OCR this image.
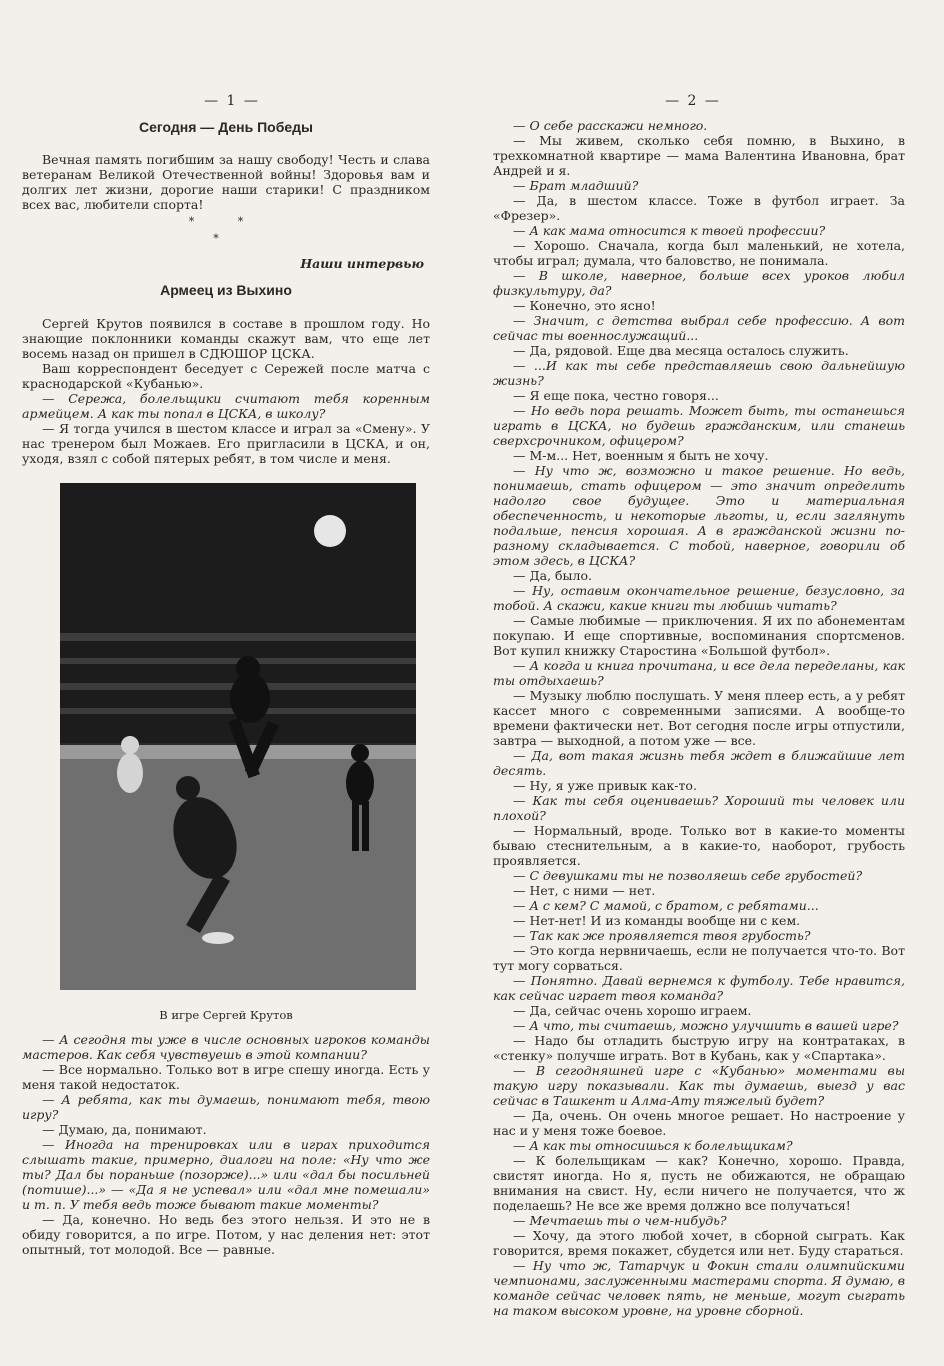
— 1 —
Сегодня — День Победы

Вечная память погибшим за нашу свободу! Честь и слава ветеранам Великой Отечественной войны! Здоровья вам и долгих лет жизни, дорогие наши старики! С праздником всех вас, любители спорта!

* *
*
Наши интервью
Армеец из Выхино

Сергей Крутов появился в составе в прошлом году. Но знающие поклонники команды скажут вам, что еще лет восемь назад он пришел в СДЮШОР ЦСКА.

Ваш корреспондент беседует с Сережей после матча с краснодарской «Кубанью».

— Сережа, болельщики считают тебя коренным армейцем. А как ты попал в ЦСКА, в школу?

— Я тогда учился в шестом классе и играл за «Смену». У нас тренером был Можаев. Его пригласили в ЦСКА, и он, уходя, взял с собой пятерых ребят, в том числе и меня.

В игре Сергей Крутов

— А сегодня ты уже в числе основных игроков команды мастеров. Как себя чувствуешь в этой компании?

— Все нормально. Только вот в игре спешу иногда. Есть у меня такой недостаток.

— А ребята, как ты думаешь, понимают тебя, твою игру?

— Думаю, да, понимают.

— Иногда на тренировках или в играх приходится слышать такие, примерно, диалоги на поле: «Ну что же ты? Дал бы пораньше (позорже)...» или «дал бы посильней (потише)...» — «Да я не успевал» или «дал мне помешали» и т. п. У тебя ведь тоже бывают такие моменты?

— Да, конечно. Но ведь без этого нельзя. И это не в обиду говорится, а по игре. Потом, у нас деления нет: этот опытный, тот молодой. Все — равные.

— 2 —

— О себе расскажи немного.

— Мы живем, сколько себя помню, в Выхино, в трехкомнатной квартире — мама Валентина Ивановна, брат Андрей и я.

— Брат младший?

— Да, в шестом классе. Тоже в футбол играет. За «Фрезер».

— А как мама относится к твоей профессии?

— Хорошо. Сначала, когда был маленький, не хотела, чтобы играл; думала, что баловство, не понимала.

— В школе, наверное, больше всех уроков любил физкультуру, да?

— Конечно, это ясно!

— Значит, с детства выбрал себе профессию. А вот сейчас ты военнослужащий...

— Да, рядовой. Еще два месяца осталось служить.

— ...И как ты себе представляешь свою дальнейшую жизнь?

— Я еще пока, честно говоря...

— Но ведь пора решать. Может быть, ты останешься играть в ЦСКА, но будешь гражданским, или станешь сверхсрочником, офицером?

— М-м... Нет, военным я быть не хочу.

— Ну что ж, возможно и такое решение. Но ведь, понимаешь, стать офицером — это значит определить надолго свое будущее. Это и материальная обеспеченность, и некоторые льготы, и, если заглянуть подальше, пенсия хорошая. А в гражданской жизни по-разному складывается. С тобой, наверное, говорили об этом здесь, в ЦСКА?

— Да, было.

— Ну, оставим окончательное решение, безусловно, за тобой. А скажи, какие книги ты любишь читать?

— Самые любимые — приключения. Я их по абонементам покупаю. И еще спортивные, воспоминания спортсменов. Вот купил книжку Старостина «Большой футбол».

— А когда и книга прочитана, и все дела переделаны, как ты отдыхаешь?

— Музыку люблю послушать. У меня плеер есть, а у ребят кассет много с современными записями. А вообще-то времени фактически нет. Вот сегодня после игры отпустили, завтра — выходной, а потом уже — все.

— Да, вот такая жизнь тебя ждет в ближайшие лет десять.

— Ну, я уже привык как-то.

— Как ты себя оцениваешь? Хороший ты человек или плохой?

— Нормальный, вроде. Только вот в какие-то моменты бываю стеснительным, а в какие-то, наоборот, грубость проявляется.

— С девушками ты не позволяешь себе грубостей?

— Нет, с ними — нет.

— А с кем? С мамой, с братом, с ребятами...

— Нет-нет! И из команды вообще ни с кем.

— Так как же проявляется твоя грубость?

— Это когда нервничаешь, если не получается что-то. Вот тут могу сорваться.

— Понятно. Давай вернемся к футболу. Тебе нравится, как сейчас играет твоя команда?

— Да, сейчас очень хорошо играем.

— А что, ты считаешь, можно улучшить в вашей игре?

— Надо бы отладить быструю игру на контратаках, в «стенку» получше играть. Вот в Кубань, как у «Спартака».

— В сегодняшней игре с «Кубанью» моментами вы такую игру показывали. Как ты думаешь, выезд у вас сейчас в Ташкент и Алма-Ату тяжелый будет?

— Да, очень. Он очень многое решает. Но настроение у нас и у меня тоже боевое.

— А как ты относишься к болельщикам?

— К болельщикам — как? Конечно, хорошо. Правда, свистят иногда. Но я, пусть не обижаются, не обращаю внимания на свист. Ну, если ничего не получается, что ж поделаешь? Не все же время должно все получаться!

— Мечтаешь ты о чем-нибудь?

— Хочу, да этого любой хочет, в сборной сыграть. Как говорится, время покажет, сбудется или нет. Буду стараться.

— Ну что ж, Татарчук и Фокин стали олимпийскими чемпионами, заслуженными мастерами спорта. Я думаю, в команде сейчас человек пять, не меньше, могут сыграть на таком высоком уровне, на уровне сборной.
